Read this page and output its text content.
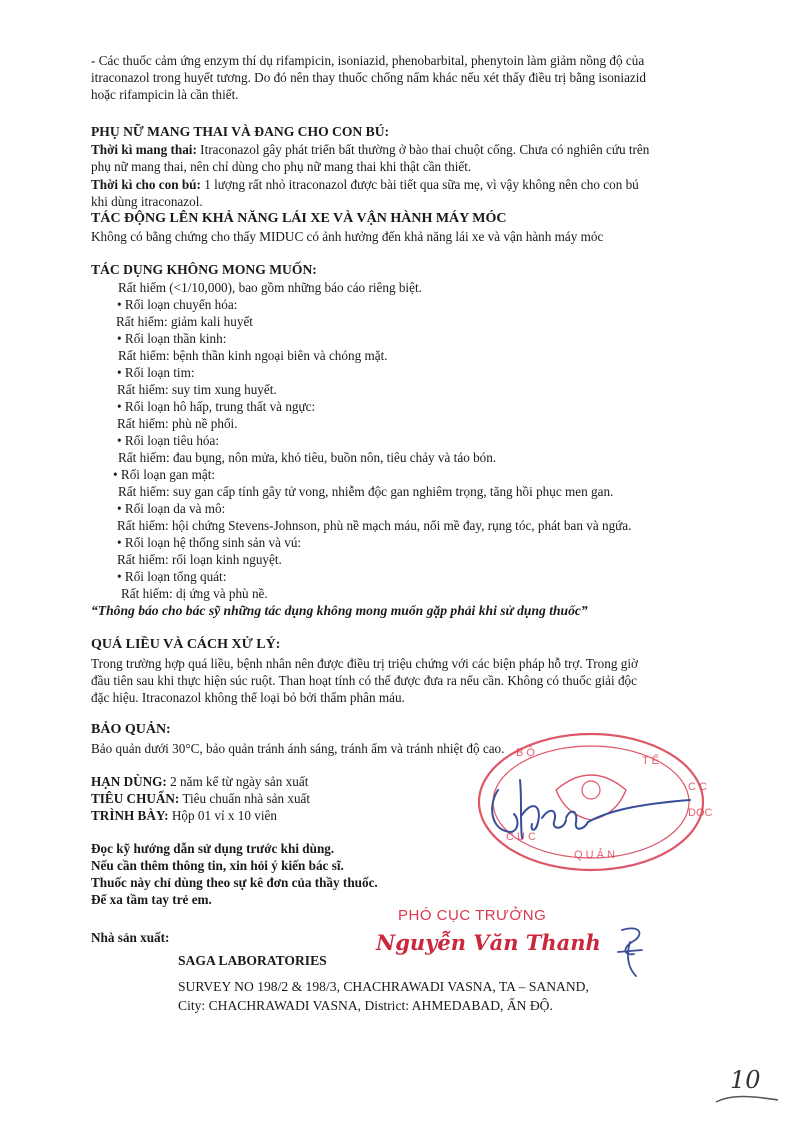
- Các thuốc cảm ứng enzym thí dụ rifampicin, isoniazid, phenobarbital, phenytoin làm giảm nồng độ của
itraconazol trong huyết tương. Do đó nên thay thuốc chống nấm khác nếu xét thấy điều trị bằng isoniazid
hoặc rifampicin là cần thiết.
PHỤ NỮ MANG THAI VÀ ĐANG CHO CON BÚ:
Thời kì mang thai: Itraconazol gây phát triển bất thường ở bào thai chuột cống. Chưa có nghiên cứu trên
phụ nữ mang thai, nên chỉ dùng cho phụ nữ mang thai khi thật cần thiết.
Thời kì cho con bú: 1 lượng rất nhỏ itraconazol được bài tiết qua sữa mẹ, vì vậy không nên cho con bú
khi dùng itraconazol.
TÁC ĐỘNG LÊN KHẢ NĂNG LÁI XE VÀ VẬN HÀNH MÁY MÓC
Không có bằng chứng cho thấy MIDUC có ảnh hưởng đến khả năng lái xe và vận hành máy móc
TÁC DỤNG KHÔNG MONG MUỐN:
Rất hiếm (<1/10,000), bao gồm những báo cáo riêng biệt.
• Rối loạn chuyển hóa:
Rất hiếm: giảm kali huyết
• Rối loạn thần kinh:
Rất hiếm: bệnh thần kinh ngoại biên và chóng mặt.
• Rối loạn tim:
Rất hiếm: suy tim xung huyết.
• Rối loạn hô hấp, trung thất và ngực:
Rất hiếm: phù nề phổi.
• Rối loạn tiêu hóa:
Rất hiếm: đau bụng, nôn mửa, khó tiêu, buồn nôn, tiêu chảy và táo bón.
• Rối loạn gan mật:
Rất hiếm: suy gan cấp tính gây tử vong, nhiễm độc gan nghiêm trọng, tăng hồi phục men gan.
• Rối loạn da và mô:
Rất hiếm: hội chứng Stevens-Johnson, phù nề mạch máu, nổi mề đay, rụng tóc, phát ban và ngứa.
• Rối loạn hệ thống sinh sản và vú:
Rất hiếm: rối loạn kinh nguyệt.
• Rối loạn tổng quát:
Rất hiếm: dị ứng và phù nề.
“Thông báo cho bác sỹ những tác dụng không mong muốn gặp phải khi sử dụng thuốc”
QUÁ LIỀU VÀ CÁCH XỬ LÝ:
Trong trường hợp quá liều, bệnh nhân nên được điều trị triệu chứng với các biện pháp hỗ trợ. Trong giờ
đầu tiên sau khi thực hiện súc ruột. Than hoạt tính có thể được đưa ra nếu cần. Không có thuốc giải độc
đặc hiệu. Itraconazol không thể loại bỏ bởi thẩm phân máu.
B Ộ
T Ế
C C
DỌC
C Ụ C
Q U Ả N
BẢO QUẢN:
Bảo quản dưới 30°C, bảo quản tránh ánh sáng, tránh ẩm và tránh nhiệt độ cao.
HẠN DÙNG: 2 năm kể từ ngày sản xuất
TIÊU CHUẨN: Tiêu chuẩn nhà sản xuất
TRÌNH BÀY: Hộp 01 vỉ x 10 viên
Đọc kỹ hướng dẫn sử dụng trước khi dùng.
Nếu cần thêm thông tin, xin hỏi ý kiến bác sĩ.
Thuốc này chỉ dùng theo sự kê đơn của thầy thuốc.
Để xa tầm tay trẻ em.
Nhà sản xuất:
SAGA LABORATORIES
SURVEY NO 198/2 & 198/3, CHACHRAWADI VASNA, TA – SANAND,
City: CHACHRAWADI VASNA, District: AHMEDABAD, ẤN ĐỘ.
PHÓ CỤC TRƯỞNG
Nguyễn Văn Thanh
10
